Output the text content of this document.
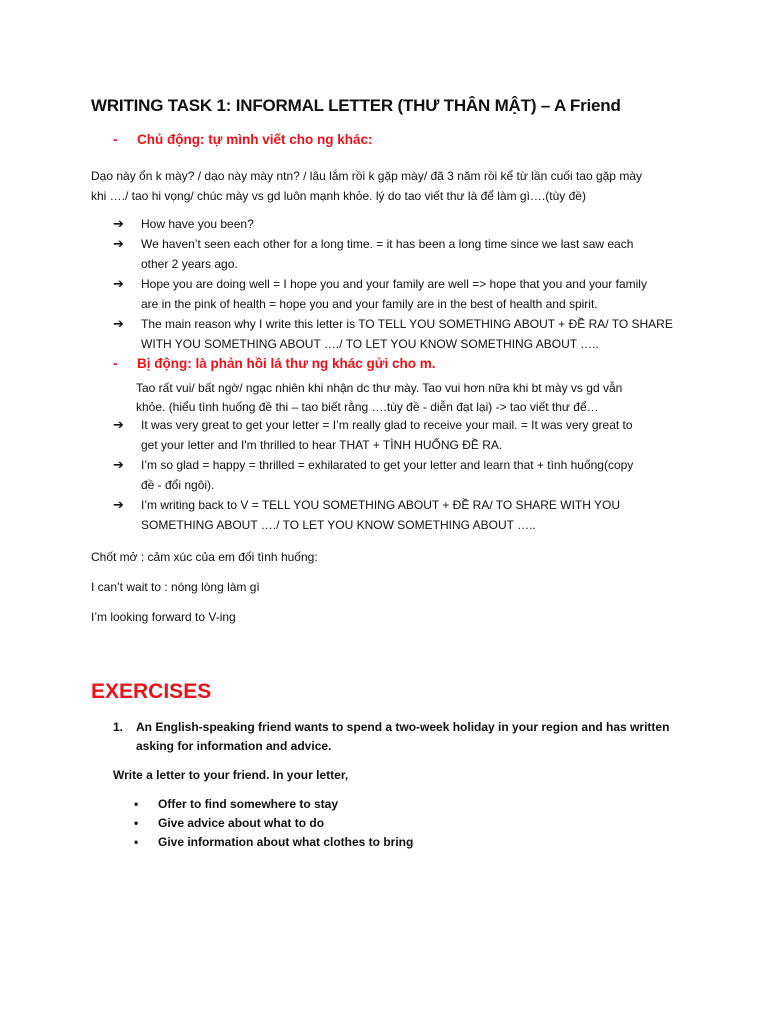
WRITING TASK 1: INFORMAL LETTER (THƯ THÂN MẬT) – A Friend
- Chủ động: tự mình viết cho ng khác:
Dạo này ổn k mày? / dạo này mày ntn? / lâu lắm rồi k gặp mày/ đã 3 năm rồi kể từ lần cuối tao gặp mày
khi …./ tao hi vọng/ chúc mày vs gd luôn mạnh khỏe. lý do tao viết thư là để làm gì….(tùy đề)
➔ How have you been?
➔ We haven’t seen each other for a long time. = it has been a long time since we last saw each
other 2 years ago.
➔ Hope you are doing well = I hope you and your family are well => hope that you and your family
are in the pink of health = hope you and your family are in the best of health and spirit.
➔ The main reason why I write this letter is TO TELL YOU SOMETHING ABOUT + ĐỀ RA/ TO SHARE
WITH YOU SOMETHING ABOUT …./ TO LET YOU KNOW SOMETHING ABOUT …..
- Bị động: là phản hồi lá thư ng khác gửi cho m.
Tao rất vui/ bất ngờ/ ngạc nhiên khi nhận dc thư mày. Tao vui hơn nữa khi bt mày vs gd vẫn
khỏe. (hiểu tình huống đề thi – tao biết rằng ….tùy đề - diễn đạt lại) -> tao viết thư để…
➔ It was very great to get your letter = I’m really glad to receive your mail. = It was very great to
get your letter and I'm thrilled to hear THAT + TÌNH HUỐNG ĐỀ RA.
➔ I’m so glad = happy = thrilled = exhilarated to get your letter and learn that + tình huống(copy
đề - đổi ngôi).
➔ I’m writing back to V = TELL YOU SOMETHING ABOUT + ĐỀ RA/ TO SHARE WITH YOU
SOMETHING ABOUT …./ TO LET YOU KNOW SOMETHING ABOUT …..
Chốt mở : cảm xúc của em đối tình huống:
I can’t wait to : nóng lòng làm gì
I’m looking forward to V-ing
EXERCISES
1. An English-speaking friend wants to spend a two-week holiday in your region and has written
asking for information and advice.
Write a letter to your friend. In your letter,
• Offer to find somewhere to stay
• Give advice about what to do
• Give information about what clothes to bring
